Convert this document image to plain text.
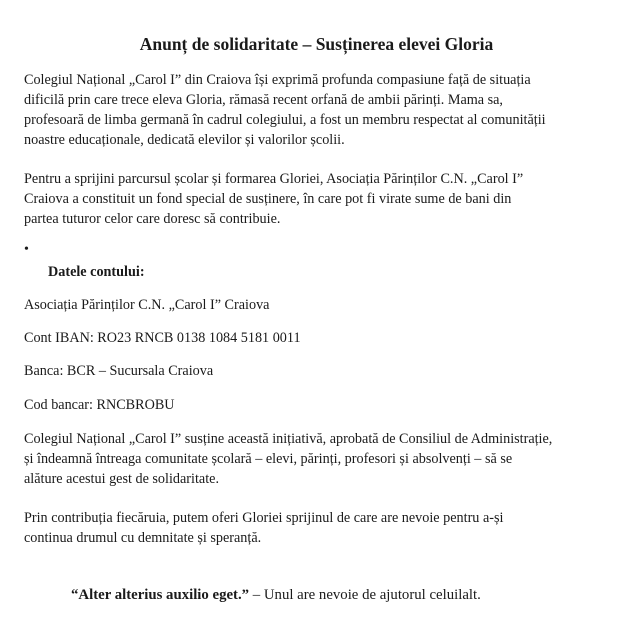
Anunț de solidaritate – Susținerea elevei Gloria

Colegiul Național „Carol I” din Craiova își exprimă profunda compasiune față de situația
dificilă prin care trece eleva Gloria, rămasă recent orfană de ambii părinți. Mama sa,
profesoară de limba germană în cadrul colegiului, a fost un membru respectat al comunității
noastre educaționale, dedicată elevilor și valorilor școlii.

Pentru a sprijini parcursul școlar și formarea Gloriei, Asociația Părinților C.N. „Carol I”
Craiova a constituit un fond special de susținere, în care pot fi virate sume de bani din
partea tuturor celor care doresc să contribuie.

•
Datele contului:
Asociația Părinților C.N. „Carol I” Craiova
Cont IBAN: RO23 RNCB 0138 1084 5181 0011
Banca: BCR – Sucursala Craiova
Cod bancar: RNCBROBU

Colegiul Național „Carol I” susține această inițiativă, aprobată de Consiliul de Administrație,
și îndeamnă întreaga comunitate școlară – elevi, părinți, profesori și absolvenți – să se
alăture acestui gest de solidaritate.

Prin contribuția fiecăruia, putem oferi Gloriei sprijinul de care are nevoie pentru a-și
continua drumul cu demnitate și speranță.

“Alter alterius auxilio eget.” – Unul are nevoie de ajutorul celuilalt.
